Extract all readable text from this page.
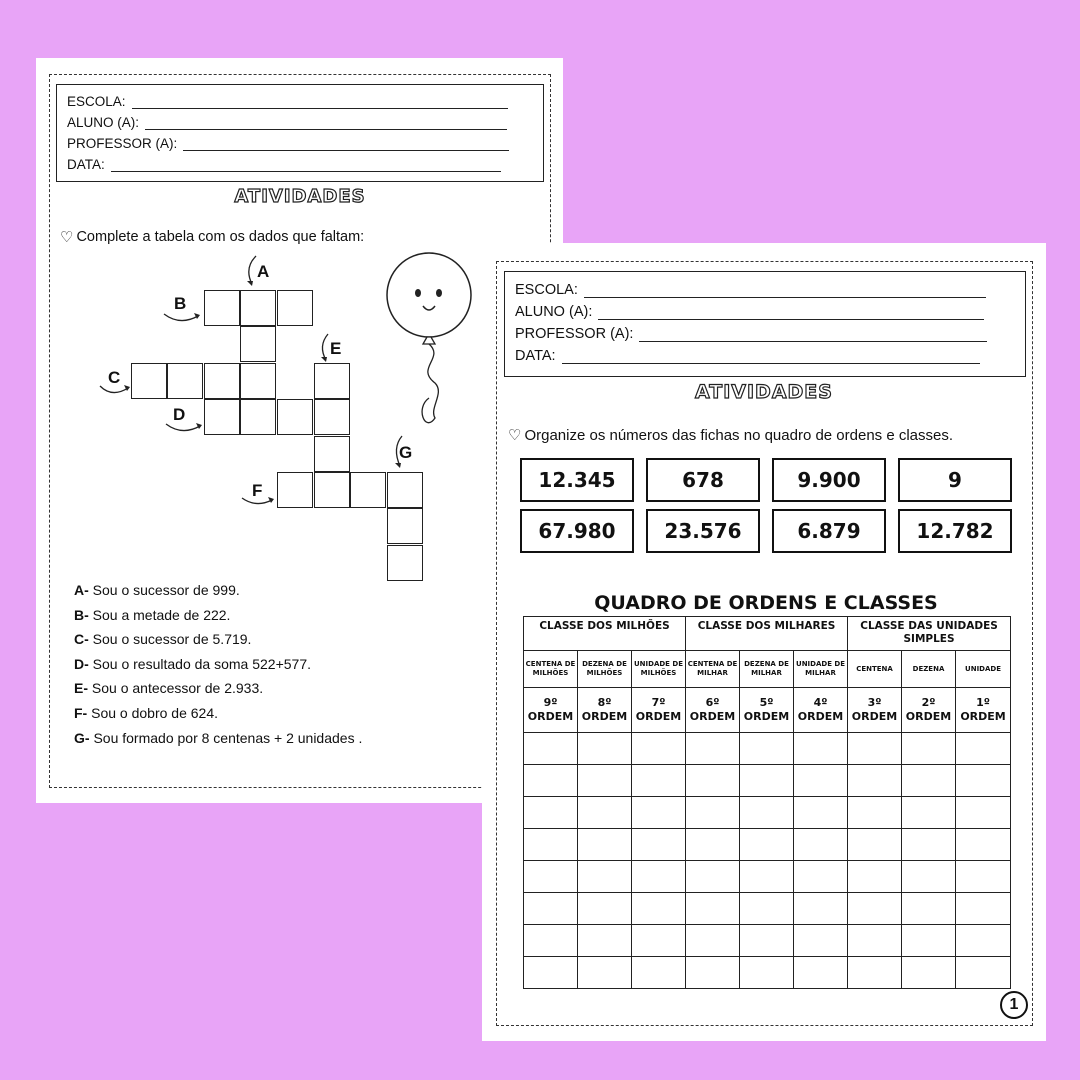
ESCOLA:
ALUNO (A):
PROFESSOR (A):
DATA:
ATIVIDADES
♡ Complete a tabela com os dados que faltam:
A
B
C
D
E
F
G
A- Sou o sucessor de 999.
B- Sou a metade de 222.
C- Sou o sucessor de 5.719.
D- Sou o resultado da soma 522+577.
E- Sou o antecessor de 2.933.
F- Sou o dobro de 624.
G- Sou formado por 8 centenas + 2 unidades .
ESCOLA:
ALUNO (A):
PROFESSOR (A):
DATA:
ATIVIDADES
♡ Organize os números das fichas no quadro de ordens e classes.
12.345	678	9.900	9
67.980	23.576	6.879	12.782
QUADRO DE ORDENS E CLASSES
CLASSE DOS MILHÕES			CLASSE DOS MILHARES			CLASSE DAS UNIDADES SIMPLES		
CENTENA DE MILHÕES	DEZENA DE MILHÕES	UNIDADE DE MILHÕES	CENTENA DE MILHAR	DEZENA DE MILHAR	UNIDADE DE MILHAR	CENTENA	DEZENA	UNIDADE
9º ORDEM	8º ORDEM	7º ORDEM	6º ORDEM	5º ORDEM	4º ORDEM	3º ORDEM	2º ORDEM	1º ORDEM

1
